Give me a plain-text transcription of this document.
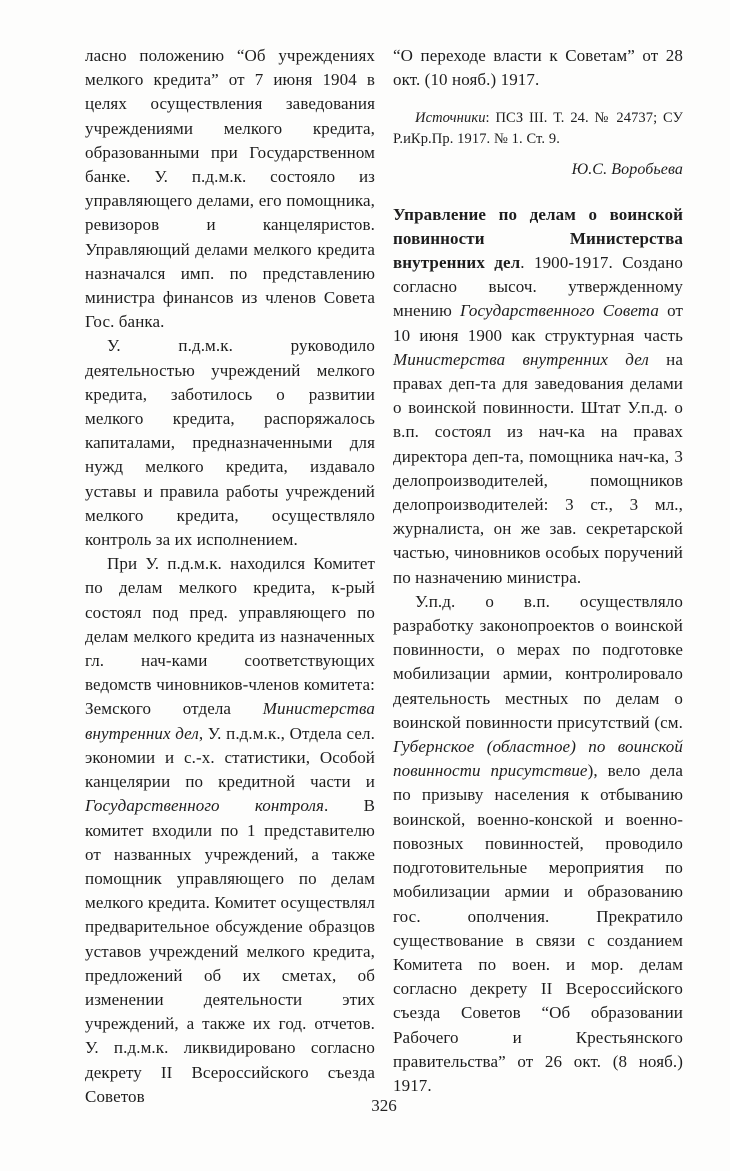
ласно положению “Об учреждениях мелкого кредита” от 7 июня 1904 в целях осуществления заведования учреждениями мелкого кредита, образованными при Государственном банке. У. п.д.м.к. состояло из управляющего делами, его помощника, ревизоров и канцеляристов. Управляющий делами мелкого кредита назначался имп. по представлению министра финансов из членов Совета Гос. банка.

У. п.д.м.к. руководило деятельностью учреждений мелкого кредита, заботилось о развитии мелкого кредита, распоряжалось капиталами, предназначенными для нужд мелкого кредита, издавало уставы и правила работы учреждений мелкого кредита, осуществляло контроль за их исполнением.

При У. п.д.м.к. находился Комитет по делам мелкого кредита, к-рый состоял под пред. управляющего по делам мелкого кредита из назначенных гл. нач-ками соответствующих ведомств чиновников-членов комитета: Земского отдела Министерства внутренних дел, У. п.д.м.к., Отдела сел. экономии и с.-х. статистики, Особой канцелярии по кредитной части и Государственного контроля. В комитет входили по 1 представителю от названных учреждений, а также помощник управляющего по делам мелкого кредита. Комитет осуществлял предварительное обсуждение образцов уставов учреждений мелкого кредита, предложений об их сметах, об изменении деятельности этих учреждений, а также их год. отчетов. У. п.д.м.к. ликвидировано согласно декрету II Всероссийского съезда Советов

“О переходе власти к Советам” от 28 окт. (10 нояб.) 1917.

Источники: ПСЗ III. Т. 24. № 24737; СУ Р.иКр.Пр. 1917. № 1. Ст. 9.

Ю.С. Воробьева

Управление по делам о воинской повинности Министерства внутренних дел. 1900-1917. Создано согласно высоч. утвержденному мнению Государственного Совета от 10 июня 1900 как структурная часть Министерства внутренних дел на правах деп-та для заведования делами о воинской повинности. Штат У.п.д. о в.п. состоял из нач-ка на правах директора деп-та, помощника нач-ка, 3 делопроизводителей, помощников делопроизводителей: 3 ст., 3 мл., журналиста, он же зав. секретарской частью, чиновников особых поручений по назначению министра.

У.п.д. о в.п. осуществляло разработку законопроектов о воинской повинности, о мерах по подготовке мобилизации армии, контролировало деятельность местных по делам о воинской повинности присутствий (см. Губернское (областное) по воинской повинности присутствие), вело дела по призыву населения к отбыванию воинской, военно-конской и военно-повозных повинностей, проводило подготовительные мероприятия по мобилизации армии и образованию гос. ополчения. Прекратило существование в связи с созданием Комитета по воен. и мор. делам согласно декрету II Всероссийского съезда Советов “Об образовании Рабочего и Крестьянского правительства” от 26 окт. (8 нояб.) 1917.

326
